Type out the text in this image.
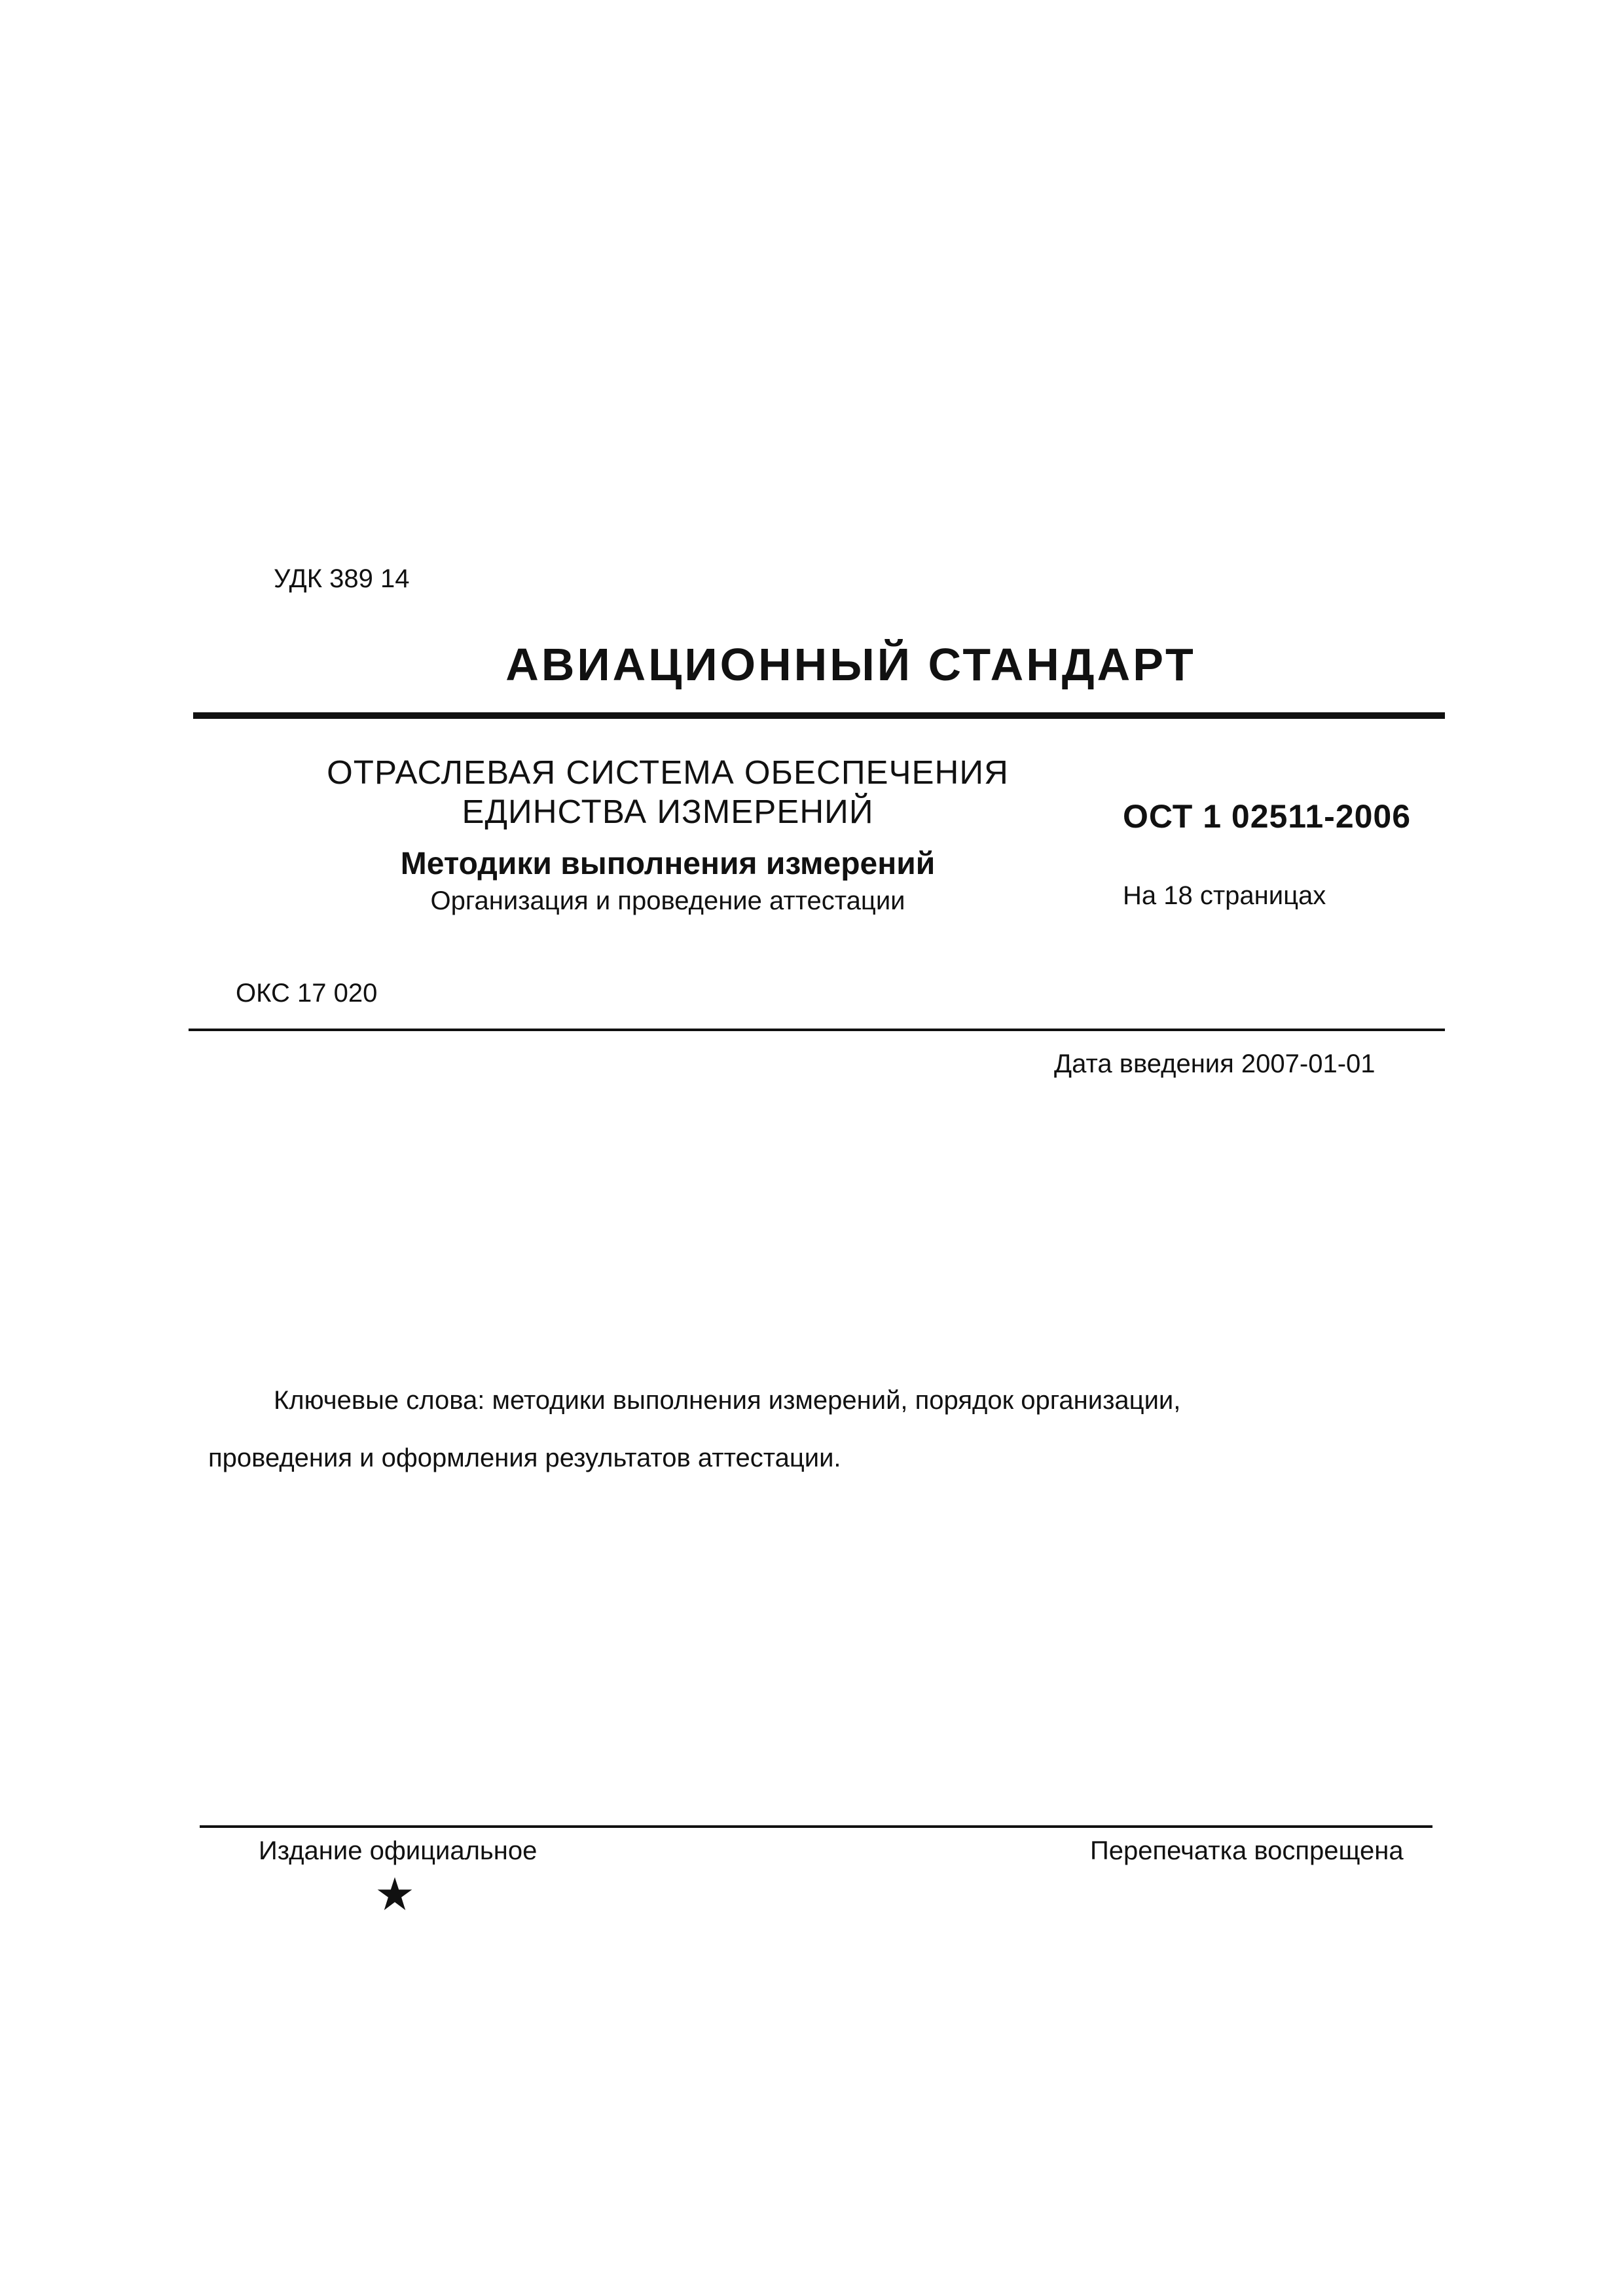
УДК 389 14
АВИАЦИОННЫЙ СТАНДАРТ
ОТРАСЛЕВАЯ СИСТЕМА ОБЕСПЕЧЕНИЯ
ЕДИНСТВА ИЗМЕРЕНИЙ
Методики выполнения измерений
Организация и проведение аттестации
ОСТ 1 02511-2006
На 18 страницах
ОКС 17 020
Дата введения 2007-01-01
Ключевые слова: методики выполнения измерений, порядок организации, проведения и оформления результатов аттестации.
Издание официальное	Перепечатка воспрещена
